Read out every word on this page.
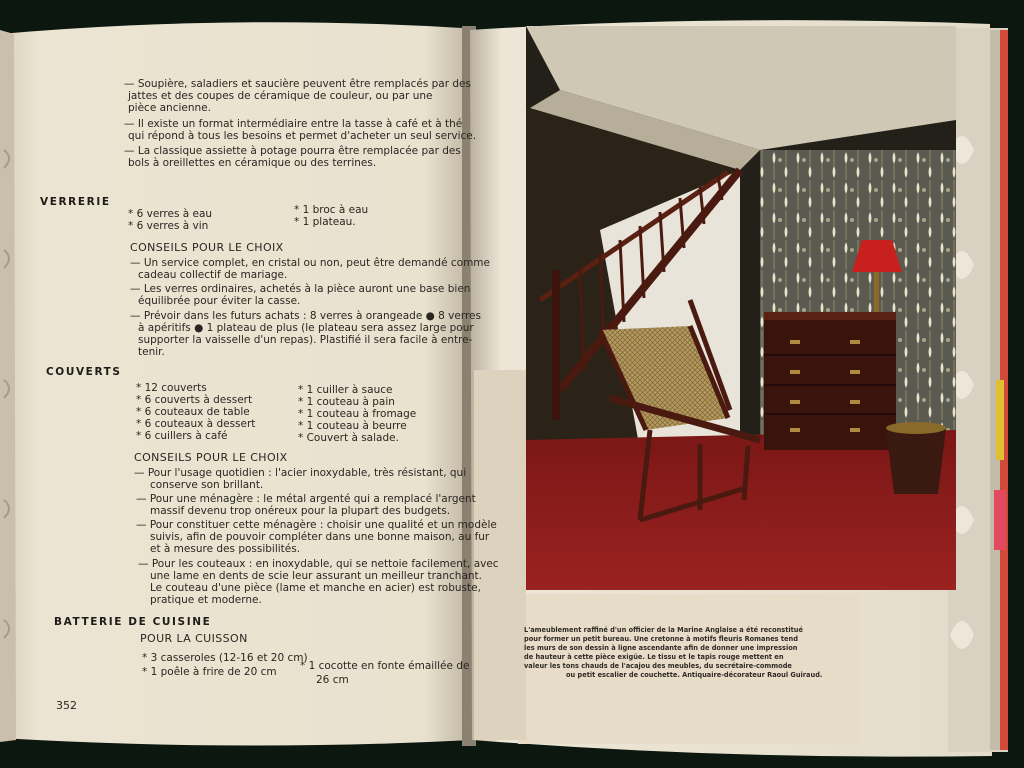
— Soupière, saladiers et saucière peuvent être remplacés par des
jattes et des coupes de céramique de couleur, ou par une
pièce ancienne.
— Il existe un format intermédiaire entre la tasse à café et à thé
qui répond à tous les besoins et permet d'acheter un seul service.
— La classique assiette à potage pourra être remplacée par des
bols à oreillettes en céramique ou des terrines.
VERRERIE
* 6 verres à eau
* 6 verres à vin
* 1 broc à eau
* 1 plateau.
CONSEILS POUR LE CHOIX
— Un service complet, en cristal ou non, peut être demandé comme
cadeau collectif de mariage.
— Les verres ordinaires, achetés à la pièce auront une base bien
équilibrée pour éviter la casse.
— Prévoir dans les futurs achats : 8 verres à orangeade ● 8 verres
à apéritifs ● 1 plateau de plus (le plateau sera assez large pour
supporter la vaisselle d'un repas). Plastifié il sera facile à entre-
tenir.
COUVERTS
* 12 couverts
* 6 couverts à dessert
* 6 couteaux de table
* 6 couteaux à dessert
* 6 cuillers à café
* 1 cuiller à sauce
* 1 couteau à pain
* 1 couteau à fromage
* 1 couteau à beurre
* Couvert à salade.
CONSEILS POUR LE CHOIX
— Pour l'usage quotidien : l'acier inoxydable, très résistant, qui
conserve son brillant.
— Pour une ménagère : le métal argenté qui a remplacé l'argent
massif devenu trop onéreux pour la plupart des budgets.
— Pour constituer cette ménagère : choisir une qualité et un modèle
suivis, afin de pouvoir compléter dans une bonne maison, au fur
et à mesure des possibilités.
— Pour les couteaux : en inoxydable, qui se nettoie facilement, avec
une lame en dents de scie leur assurant un meilleur tranchant.
Le couteau d'une pièce (lame et manche en acier) est robuste,
pratique et moderne.
BATTERIE DE CUISINE
POUR LA CUISSON
* 3 casseroles (12-16 et 20 cm)
* 1 poêle à frire de 20 cm * 1 cocotte en fonte émaillée de
26 cm
352
L'ameublement raffiné d'un officier de la Marine Anglaise a été reconstitué
pour former un petit bureau. Une cretonne à motifs fleuris Romanes tend
les murs de son dessin à ligne ascendante afin de donner une impression
de hauteur à cette pièce exigüe. Le tissu et le tapis rouge mettent en
valeur les tons chauds de l'acajou des meubles, du secrétaire-commode
ou petit escalier de couchette. Antiquaire-décorateur Raoul Guiraud.
